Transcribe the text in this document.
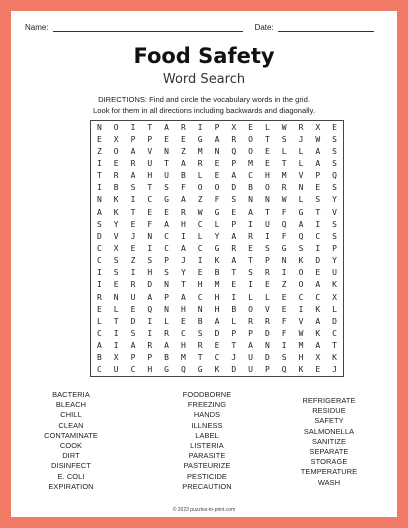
Name:	Date:
Food Safety
Word Search
DIRECTIONS: Find and circle the vocabulary words in the grid.
Look for them in all directions including backwards and diagonally.
N	O	I	T	A	R	I	P	X	E	L	W	R	X	E
E	X	P	P	E	E	G	A	R	O	T	S	J	W	S
Z	O	A	V	N	Z	M	N	Q	O	E	L	L	A	S
I	E	R	U	T	A	R	E	P	M	E	T	L	A	S
T	R	A	H	U	B	L	E	A	C	H	M	V	P	Q
I	B	S	T	S	F	O	O	D	B	O	R	N	E	S
N	K	I	C	G	A	Z	F	S	N	N	W	L	S	Y
A	K	T	E	E	R	W	G	E	A	T	F	G	T	V
S	Y	E	F	A	H	C	L	P	I	U	Q	A	I	S
D	V	J	N	C	I	L	Y	A	R	I	F	Q	C	S
C	X	E	I	C	A	C	G	R	E	S	G	S	I	P
C	S	Z	S	P	J	I	K	A	T	P	N	K	D	Y
I	S	I	H	S	Y	E	B	T	S	R	I	O	E	U
I	E	R	D	N	T	H	M	E	I	E	Z	O	A	K
R	N	U	A	P	A	C	H	I	L	L	E	C	C	X
E	L	E	Q	N	H	N	H	B	O	V	E	I	K	L
L	T	D	I	L	E	B	A	L	R	R	F	V	A	D
C	I	S	I	R	C	S	D	P	P	D	F	W	K	C
A	I	A	R	A	H	R	E	T	A	N	I	M	A	T
B	X	P	P	B	M	T	C	J	U	D	S	H	X	K
C	U	C	H	G	Q	G	K	D	U	P	Q	K	E	J
BACTERIA
BLEACH
CHILL
CLEAN
CONTAMINATE
COOK
DIRT
DISINFECT
E. COLI
EXPIRATION
FOODBORNE
FREEZING
HANDS
ILLNESS
LABEL
LISTERIA
PARASITE
PASTEURIZE
PESTICIDE
PRECAUTION
REFRIGERATE
RESIDUE
SAFETY
SALMONELLA
SANITIZE
SEPARATE
STORAGE
TEMPERATURE
WASH
© 2023 puzzles-to-print.com
